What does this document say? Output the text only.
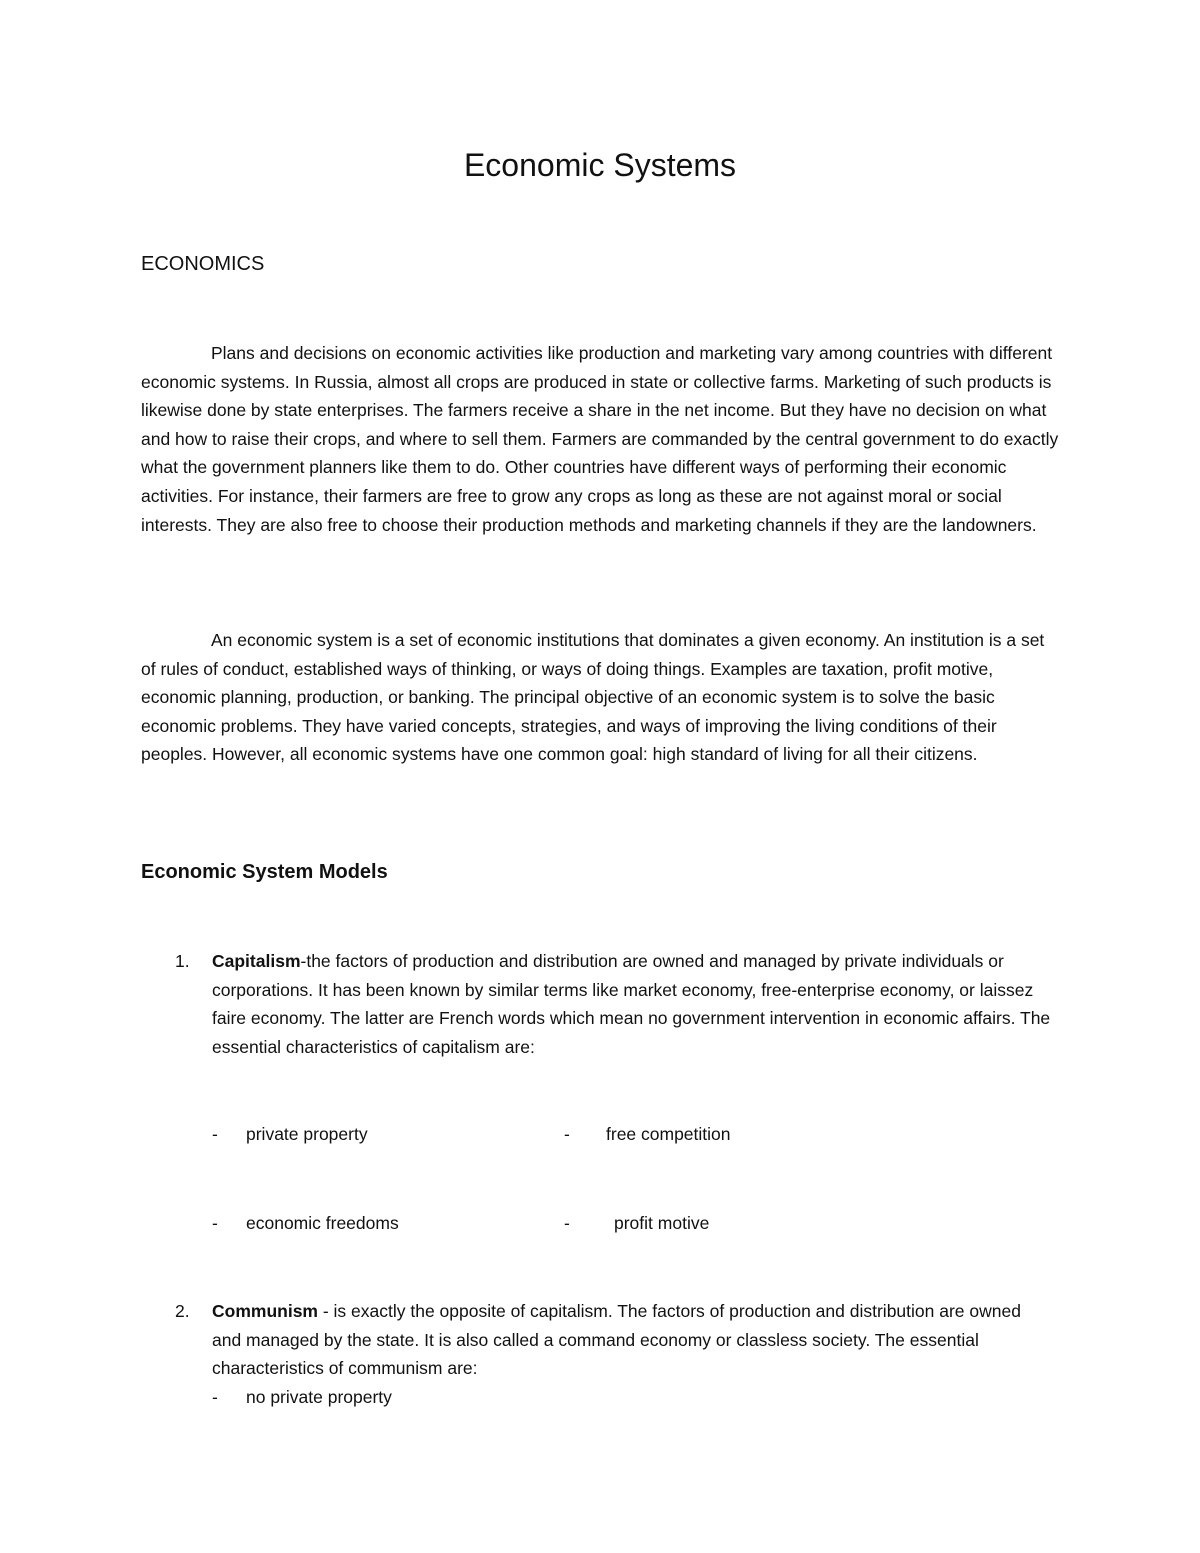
Economic Systems
ECONOMICS

Plans and decisions on economic activities like production and marketing vary among countries with different economic systems. In Russia, almost all crops are produced in state or collective farms. Marketing of such products is likewise done by state enterprises. The farmers receive a share in the net income. But they have no decision on what and how to raise their crops, and where to sell them. Farmers are commanded by the central government to do exactly what the government planners like them to do. Other countries have different ways of performing their economic activities. For instance, their farmers are free to grow any crops as long as these are not against moral or social interests. They are also free to choose their production methods and marketing channels if they are the landowners.

An economic system is a set of economic institutions that dominates a given economy. An institution is a set of rules of conduct, established ways of thinking, or ways of doing things. Examples are taxation, profit motive, economic planning, production, or banking. The principal objective of an economic system is to solve the basic economic problems. They have varied concepts, strategies, and ways of improving the living conditions of their peoples. However, all economic systems have one common goal: high standard of living for all their citizens.

Economic System Models
1. Capitalism-the factors of production and distribution are owned and managed by private individuals or corporations. It has been known by similar terms like market economy, free-enterprise economy, or laissez faire economy. The latter are French words which mean no government intervention in economic affairs. The essential characteristics of capitalism are:
- private property	- free competition
- economic freedoms	-	profit motive
2. Communism - is exactly the opposite of capitalism. The factors of production and distribution are owned and managed by the state. It is also called a command economy or classless society. The essential characteristics of communism are:
- no private property
